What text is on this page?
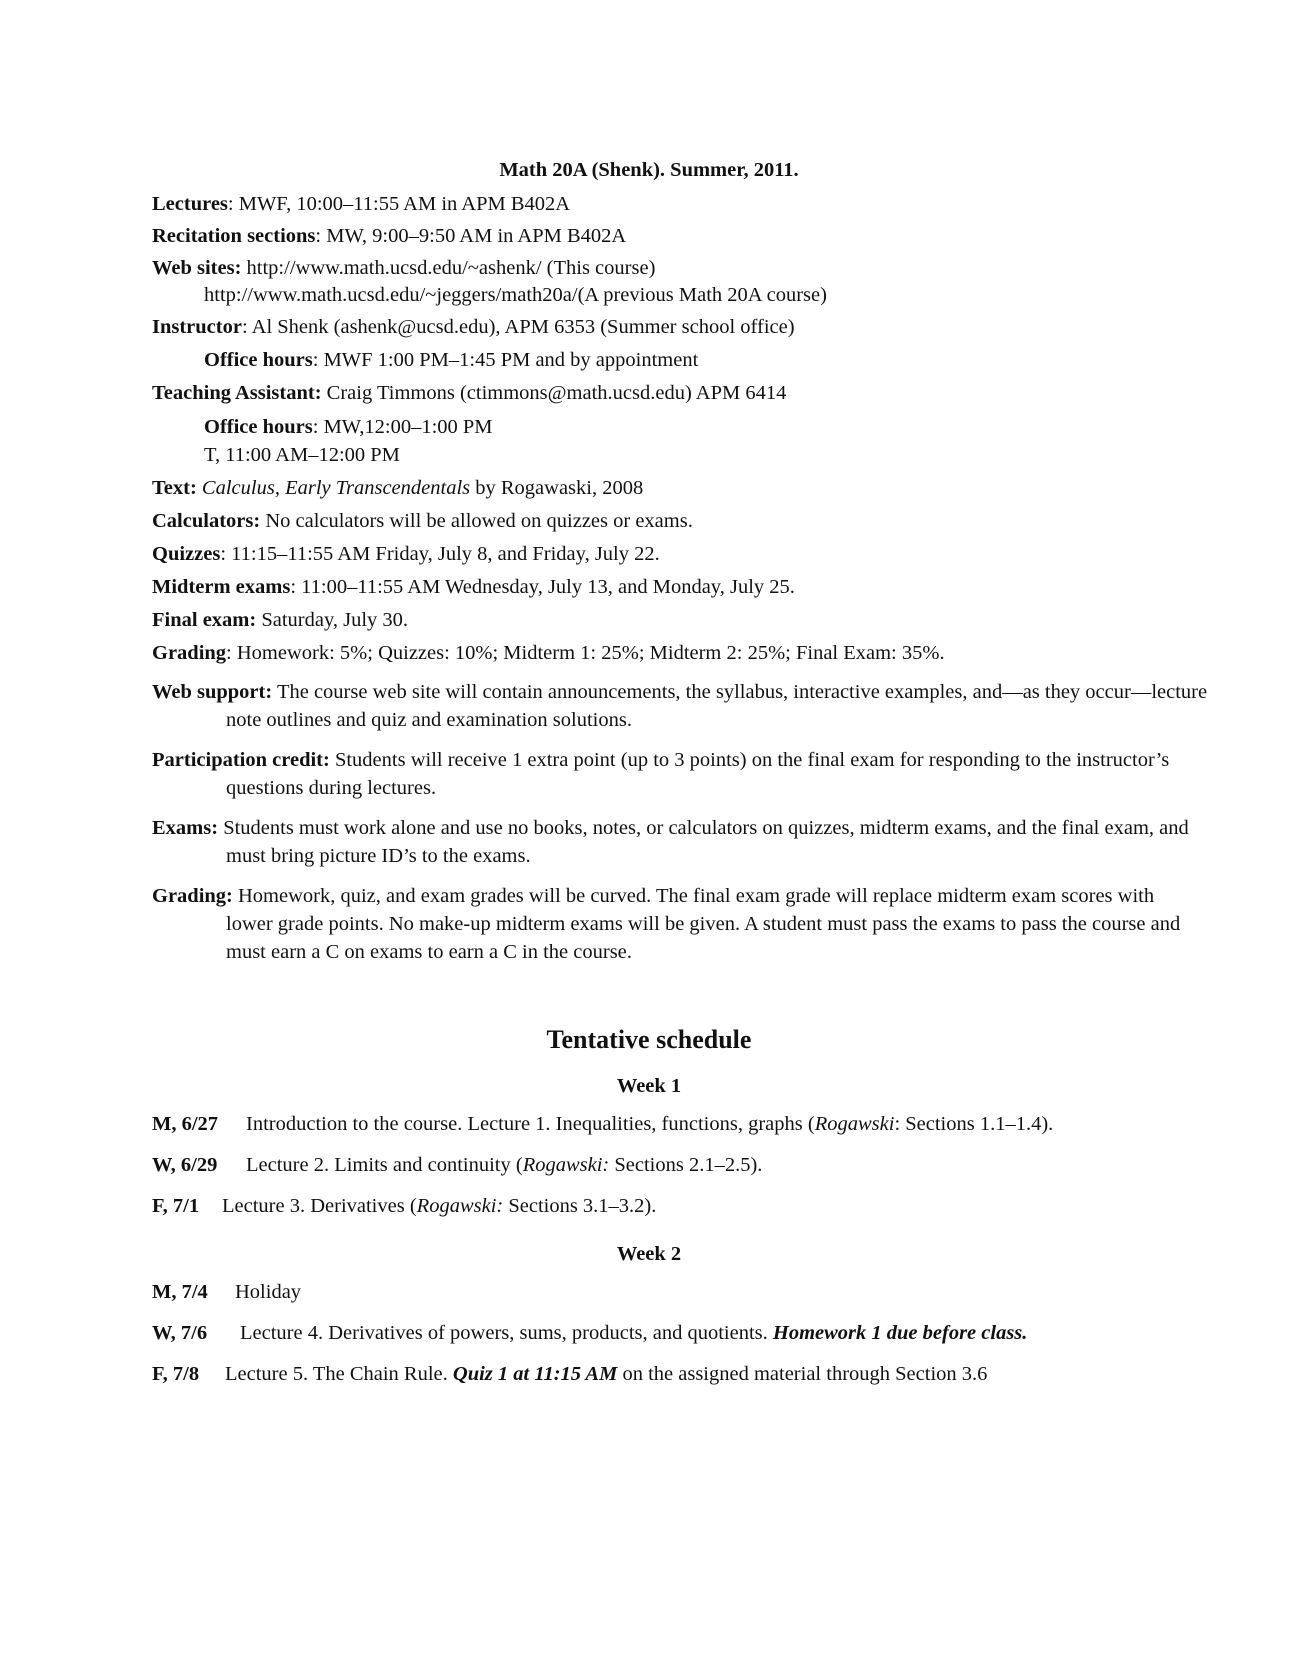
Math 20A (Shenk). Summer, 2011.
Lectures: MWF, 10:00–11:55 AM in APM B402A
Recitation sections: MW, 9:00–9:50 AM in APM B402A
Web sites: http://www.math.ucsd.edu/~ashenk/ (This course)
http://www.math.ucsd.edu/~jeggers/math20a/(A previous Math 20A course)
Instructor: Al Shenk (ashenk@ucsd.edu), APM 6353 (Summer school office)
Office hours: MWF 1:00 PM–1:45 PM and by appointment
Teaching Assistant: Craig Timmons (ctimmons@math.ucsd.edu) APM 6414
Office hours: MW,12:00–1:00 PM
T, 11:00 AM–12:00 PM
Text: Calculus, Early Transcendentals by Rogawaski, 2008
Calculators: No calculators will be allowed on quizzes or exams.
Quizzes: 11:15–11:55 AM Friday, July 8, and Friday, July 22.
Midterm exams: 11:00–11:55 AM Wednesday, July 13, and Monday, July 25.
Final exam: Saturday, July 30.
Grading: Homework: 5%; Quizzes: 10%; Midterm 1: 25%; Midterm 2: 25%; Final Exam: 35%.
Web support: The course web site will contain announcements, the syllabus, interactive examples, and—as they occur—lecture note outlines and quiz and examination solutions.
Participation credit: Students will receive 1 extra point (up to 3 points) on the final exam for responding to the instructor’s questions during lectures.
Exams: Students must work alone and use no books, notes, or calculators on quizzes, midterm exams, and the final exam, and must bring picture ID’s to the exams.
Grading: Homework, quiz, and exam grades will be curved. The final exam grade will replace midterm exam scores with lower grade points. No make-up midterm exams will be given. A student must pass the exams to pass the course and must earn a C on exams to earn a C in the course.
Tentative schedule
Week 1
M, 6/27 Introduction to the course. Lecture 1. Inequalities, functions, graphs (Rogawski: Sections 1.1–1.4).
W, 6/29 Lecture 2. Limits and continuity (Rogawski: Sections 2.1–2.5).
F, 7/1 Lecture 3. Derivatives (Rogawski: Sections 3.1–3.2).
Week 2
M, 7/4 Holiday
W, 7/6 Lecture 4. Derivatives of powers, sums, products, and quotients. Homework 1 due before class.
F, 7/8 Lecture 5. The Chain Rule. Quiz 1 at 11:15 AM on the assigned material through Section 3.6
